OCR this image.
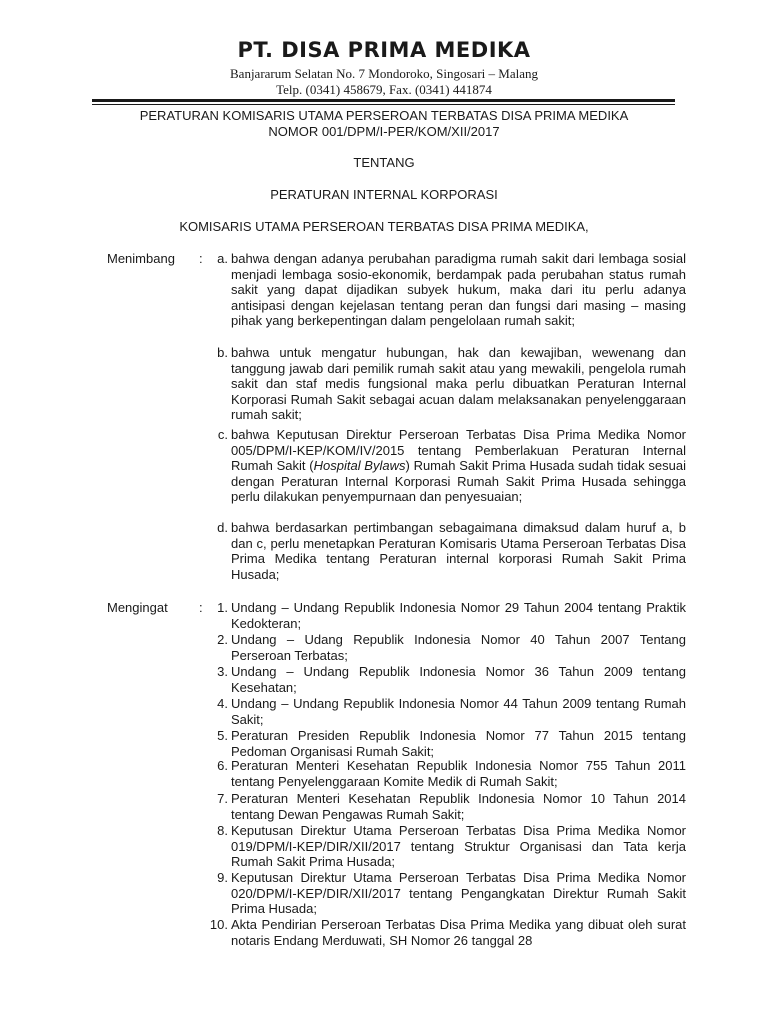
PT. DISA PRIMA MEDIKA
Banjararum Selatan No. 7 Mondoroko, Singosari – Malang
Telp. (0341) 458679, Fax. (0341) 441874
PERATURAN KOMISARIS UTAMA PERSEROAN TERBATAS DISA PRIMA MEDIKA
NOMOR 001/DPM/I-PER/KOM/XII/2017
TENTANG
PERATURAN INTERNAL KORPORASI
KOMISARIS UTAMA PERSEROAN TERBATAS DISA PRIMA MEDIKA,
Menimbang :	a. bahwa dengan adanya perubahan paradigma rumah sakit dari lembaga sosial menjadi lembaga sosio-ekonomik, berdampak pada perubahan status rumah sakit yang dapat dijadikan subyek hukum, maka dari itu perlu adanya antisipasi dengan kejelasan tentang peran dan fungsi dari masing – masing pihak yang berkepentingan dalam pengelolaan rumah sakit;
b. bahwa untuk mengatur hubungan, hak dan kewajiban, wewenang dan tanggung jawab dari pemilik rumah sakit atau yang mewakili, pengelola rumah sakit dan staf medis fungsional maka perlu dibuatkan Peraturan Internal Korporasi Rumah Sakit sebagai acuan dalam melaksanakan penyelenggaraan rumah sakit;
c. bahwa Keputusan Direktur Perseroan Terbatas Disa Prima Medika Nomor 005/DPM/I-KEP/KOM/IV/2015 tentang Pemberlakuan Peraturan Internal Rumah Sakit (Hospital Bylaws) Rumah Sakit Prima Husada sudah tidak sesuai dengan Peraturan Internal Korporasi Rumah Sakit Prima Husada sehingga perlu dilakukan penyempurnaan dan penyesuaian;
d. bahwa berdasarkan pertimbangan sebagaimana dimaksud dalam huruf a, b dan c, perlu menetapkan Peraturan Komisaris Utama Perseroan Terbatas Disa Prima Medika tentang Peraturan internal korporasi Rumah Sakit Prima Husada;
Mengingat :	1. Undang – Undang Republik Indonesia Nomor 29 Tahun 2004 tentang Praktik Kedokteran;
2. Undang – Udang Republik Indonesia Nomor 40 Tahun 2007 Tentang Perseroan Terbatas;
3. Undang – Undang Republik Indonesia Nomor 36 Tahun 2009 tentang Kesehatan;
4. Undang – Undang Republik Indonesia Nomor 44 Tahun 2009 tentang Rumah Sakit;
5. Peraturan Presiden Republik Indonesia Nomor 77 Tahun 2015 tentang Pedoman Organisasi Rumah Sakit;
6. Peraturan Menteri Kesehatan Republik Indonesia Nomor 755 Tahun 2011 tentang Penyelenggaraan Komite Medik di Rumah Sakit;
7. Peraturan Menteri Kesehatan Republik Indonesia Nomor 10 Tahun 2014 tentang Dewan Pengawas Rumah Sakit;
8. Keputusan Direktur Utama Perseroan Terbatas Disa Prima Medika Nomor 019/DPM/I-KEP/DIR/XII/2017 tentang Struktur Organisasi dan Tata kerja Rumah Sakit Prima Husada;
9. Keputusan Direktur Utama Perseroan Terbatas Disa Prima Medika Nomor 020/DPM/I-KEP/DIR/XII/2017 tentang Pengangkatan Direktur Rumah Sakit Prima Husada;
10. Akta Pendirian Perseroan Terbatas Disa Prima Medika yang dibuat oleh surat notaris Endang Merduwati, SH Nomor 26 tanggal 28
